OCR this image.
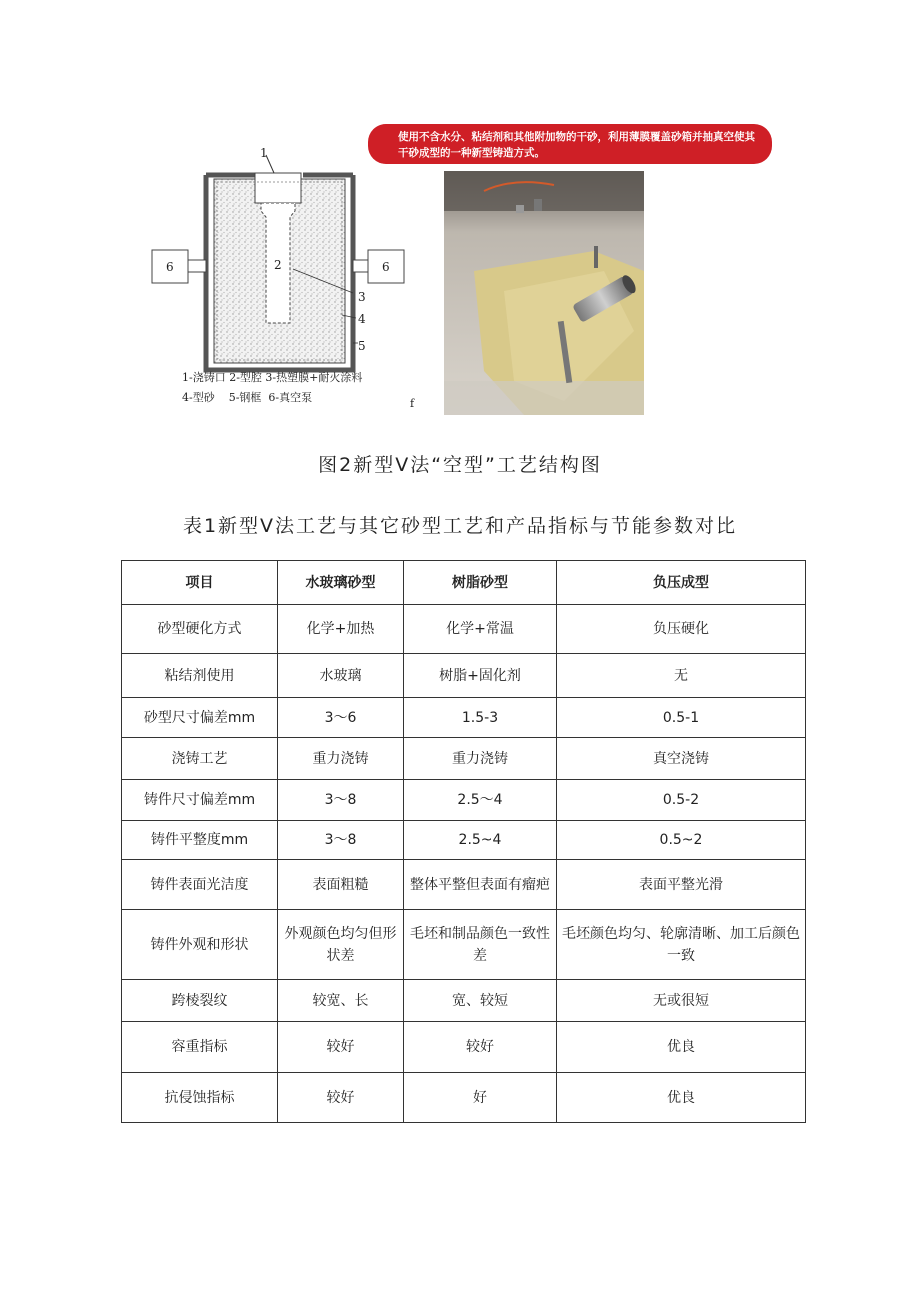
1
2
3
4
5
6	6
1-浇铸口 2-型腔 3-热塑膜+耐火涂料
4-型砂    5-钢框  6-真空泵	f
使用不含水分、粘结剂和其他附加物的干砂，利用薄膜覆盖砂箱并抽真空使其干砂成型的一种新型铸造方式。
图2新型V法“空型”工艺结构图
表1新型V法工艺与其它砂型工艺和产品指标与节能参数对比
项目	水玻璃砂型	树脂砂型	负压成型
砂型硬化方式	化学+加热	化学+常温	负压硬化
粘结剂使用	水玻璃	树脂+固化剂	无
砂型尺寸偏差mm	3～6	1.5-3	0.5-1
浇铸工艺	重力浇铸	重力浇铸	真空浇铸
铸件尺寸偏差mm	3～8	2.5～4	0.5-2
铸件平整度mm	3～8	2.5~4	0.5~2
铸件表面光洁度	表面粗糙	整体平整但表面有瘤疤	表面平整光滑
铸件外观和形状	外观颜色均匀但形状差	毛坯和制品颜色一致性差	毛坯颜色均匀、轮廓清晰、加工后颜色一致
跨棱裂纹	较宽、长	宽、较短	无或很短
容重指标	较好	较好	优良
抗侵蚀指标	较好	好	优良
